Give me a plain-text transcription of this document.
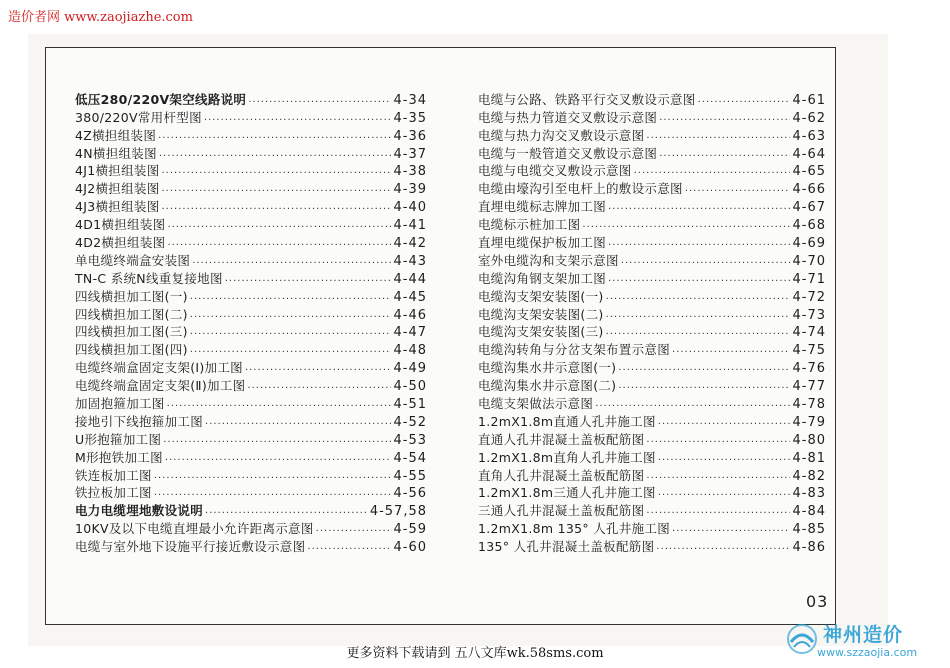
造价者网 www.zaojiazhe.com
低压280/220V架空线路说明 ·····	4-34
380/220V常用杆型图 ·····	4-35
4Z横担组装图 ·····	4-36
4N横担组装图 ·····	4-37
4J1横担组装图 ·····	4-38
4J2横担组装图 ·····	4-39
4J3横担组装图 ·····	4-40
4D1横担组装图 ·····	4-41
4D2横担组装图 ·····	4-42
单电缆终端盒安装图 ·····	4-43
TN-C 系统N线重复接地图 ·····	4-44
四线横担加工图(一) ·····	4-45
四线横担加工图(二) ·····	4-46
四线横担加工图(三) ·····	4-47
四线横担加工图(四) ·····	4-48
电缆终端盒固定支架(Ⅰ)加工图 ·····	4-49
电缆终端盒固定支架(Ⅱ)加工图 ·····	4-50
加固抱箍加工图 ·····	4-51
接地引下线抱箍加工图 ·····	4-52
U形抱箍加工图 ·····	4-53
M形抱铁加工图 ·····	4-54
铁连板加工图 ·····	4-55
铁拉板加工图 ·····	4-56
电力电缆埋地敷设说明 ·····	4-57,58
10KV及以下电缆直埋最小允许距离示意图 ·····	4-59
电缆与室外地下设施平行接近敷设示意图 ·····	4-60
电缆与公路、铁路平行交叉敷设示意图 ·····	4-61
电缆与热力管道交叉敷设示意图 ·····	4-62
电缆与热力沟交叉敷设示意图 ·····	4-63
电缆与一般管道交叉敷设示意图 ·····	4-64
电缆与电缆交叉敷设示意图 ·····	4-65
电缆由壕沟引至电杆上的敷设示意图 ·····	4-66
直埋电缆标志牌加工图 ·····	4-67
电缆标示桩加工图 ·····	4-68
直埋电缆保护板加工图 ·····	4-69
室外电缆沟和支架示意图 ·····	4-70
电缆沟角钢支架加工图 ·····	4-71
电缆沟支架安装图(一) ·····	4-72
电缆沟支架安装图(二) ·····	4-73
电缆沟支架安装图(三) ·····	4-74
电缆沟转角与分岔支架布置示意图 ·····	4-75
电缆沟集水井示意图(一) ·····	4-76
电缆沟集水井示意图(二) ·····	4-77
电缆支架做法示意图 ·····	4-78
1.2mX1.8m直通人孔井施工图 ·····	4-79
直通人孔井混凝土盖板配筋图 ·····	4-80
1.2mX1.8m直角人孔井施工图 ·····	4-81
直角人孔井混凝土盖板配筋图 ·····	4-82
1.2mX1.8m三通人孔井施工图 ·····	4-83
三通人孔井混凝土盖板配筋图 ·····	4-84
1.2mX1.8m 135° 人孔井施工图 ·····	4-85
135° 人孔井混凝土盖板配筋图 ·····	4-86
03
神州造价
www.szzaojia.com
更多资料下载请到 五八文库wk.58sms.com
